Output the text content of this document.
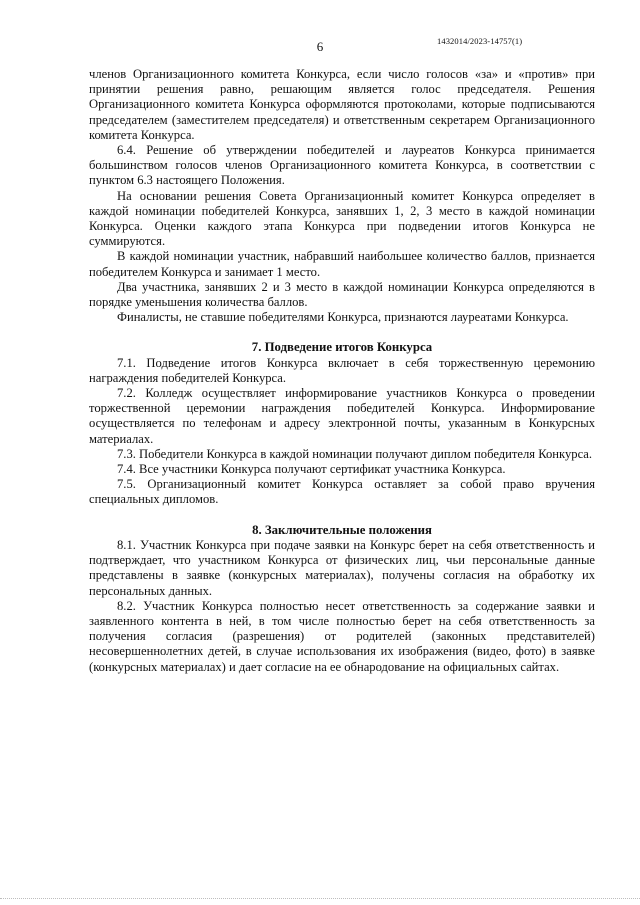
1432014/2023-14757(1)
6

членов Организационного комитета Конкурса, если число голосов «за» и «против» при принятии решения равно, решающим является голос председателя. Решения Организационного комитета Конкурса оформляются протоколами, которые подписываются председателем (заместителем председателя) и ответственным секретарем Организационного комитета Конкурса.

6.4. Решение об утверждении победителей и лауреатов Конкурса принимается большинством голосов членов Организационного комитета Конкурса, в соответствии с пунктом 6.3 настоящего Положения.

На основании решения Совета Организационный комитет Конкурса определяет в каждой номинации победителей Конкурса, занявших 1, 2, 3 место в каждой номинации Конкурса. Оценки каждого этапа Конкурса при подведении итогов Конкурса не суммируются.

В каждой номинации участник, набравший наибольшее количество баллов, признается победителем Конкурса и занимает 1 место.

Два участника, занявших 2 и 3 место в каждой номинации Конкурса определяются в порядке уменьшения количества баллов.

Финалисты, не ставшие победителями Конкурса, признаются лауреатами Конкурса.

7. Подведение итогов Конкурса

7.1. Подведение итогов Конкурса включает в себя торжественную церемонию награждения победителей Конкурса.

7.2. Колледж осуществляет информирование участников Конкурса о проведении торжественной церемонии награждения победителей Конкурса. Информирование осуществляется по телефонам и адресу электронной почты, указанным в Конкурсных материалах.

7.3. Победители Конкурса в каждой номинации получают диплом победителя Конкурса.

7.4. Все участники Конкурса получают сертификат участника Конкурса.

7.5. Организационный комитет Конкурса оставляет за собой право вручения специальных дипломов.

8. Заключительные положения

8.1. Участник Конкурса при подаче заявки на Конкурс берет на себя ответственность и подтверждает, что участником Конкурса от физических лиц, чьи персональные данные представлены в заявке (конкурсных материалах), получены согласия на обработку их персональных данных.

8.2. Участник Конкурса полностью несет ответственность за содержание заявки и заявленного контента в ней, в том числе полностью берет на себя ответственность за получения согласия (разрешения) от родителей (законных представителей) несовершеннолетних детей, в случае использования их изображения (видео, фото) в заявке (конкурсных материалах) и дает согласие на ее обнародование на официальных сайтах.
